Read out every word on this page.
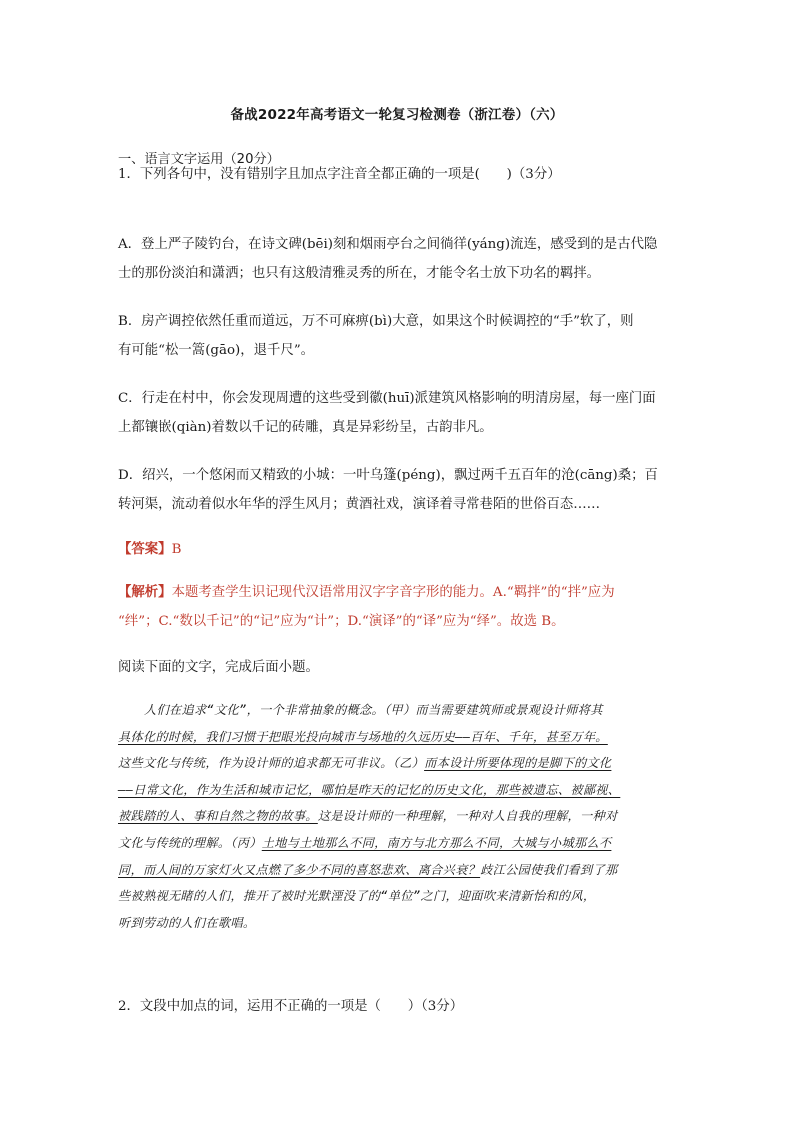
备战2022年高考语文一轮复习检测卷（浙江卷）（六）
一、语言文字运用（20分）
1．下列各句中，没有错别字且加点字注音全都正确的一项是(　　)（3分）
A．登上严子陵钓台，在诗文碑(bēi)刻和烟雨亭台之间徜徉(yáng)流连，感受到的是古代隐
士的那份淡泊和潇洒；也只有这般清雅灵秀的所在，才能令名士放下功名的羁拌。
B．房产调控依然任重而道远，万不可麻痹(bì)大意，如果这个时候调控的“手”软了，则
有可能“松一篙(gāo)，退千尺”。
C．行走在村中，你会发现周遭的这些受到徽(huī)派建筑风格影响的明清房屋，每一座门面
上都镶嵌(qiàn)着数以千记的砖雕，真是异彩纷呈，古韵非凡。
D．绍兴，一个悠闲而又精致的小城：一叶乌篷(péng)，飘过两千五百年的沧(cāng)桑；百
转河渠，流动着似水年华的浮生风月；黄酒社戏，演译着寻常巷陌的世俗百态……
【答案】B
【解析】本题考查学生识记现代汉语常用汉字字音字形的能力。A.“羁拌”的“拌”应为
“绊”；C.“数以千记”的“记”应为“计”；D.“演译”的“译”应为“绎”。故选 B。
阅读下面的文字，完成后面小题。
人们在追求“文化”，一个非常抽象的概念。（甲）而当需要建筑师或景观设计师将其
具体化的时候，我们习惯于把眼光投向城市与场地的久远历史——百年、千年，甚至万年。
这些文化与传统，作为设计师的追求都无可非议。（乙）而本设计所要体现的是脚下的文化
——日常文化，作为生活和城市记忆，哪怕是昨天的记忆的历史文化，那些被遗忘、被鄙视、
被践踏的人、事和自然之物的故事。这是设计师的一种理解，一种对人自我的理解，一种对
文化与传统的理解。（丙）土地与土地那么不同，南方与北方那么不同，大城与小城那么不
同，而人间的万家灯火又点燃了多少不同的喜怒悲欢、离合兴衰？歧江公园使我们看到了那
些被熟视无睹的人们，推开了被时光默湮没了的“单位”之门，迎面吹来清新怡和的风，
听到劳动的人们在歌唱。
2．文段中加点的词，运用不正确的一项是（　　）（3分）
